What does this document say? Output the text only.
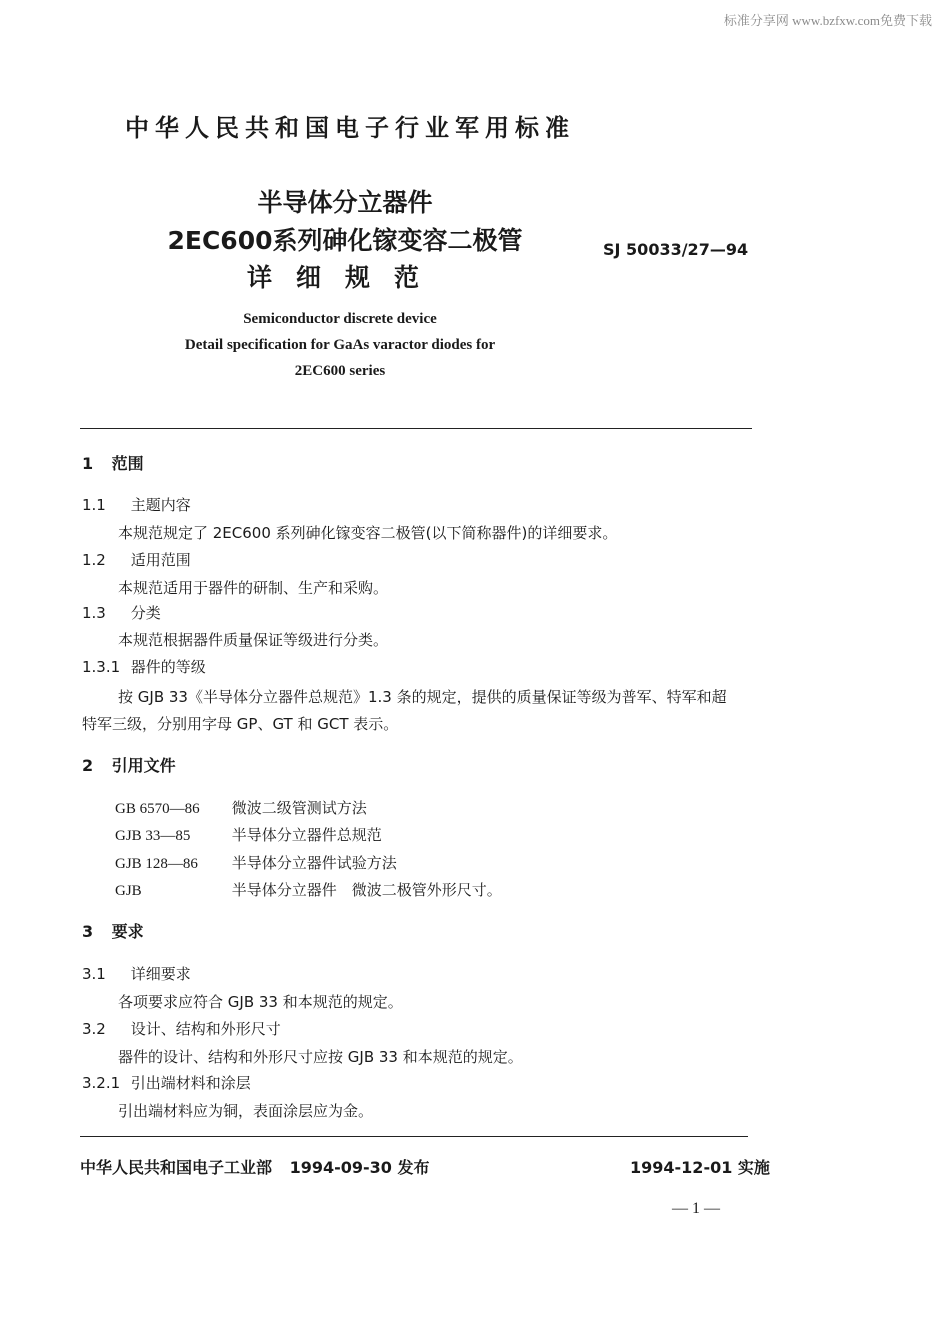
标准分享网 www.bzfxw.com免费下载
中华人民共和国电子行业军用标准
半导体分立器件
2EC600系列砷化镓变容二极管
详细规范
SJ 50033/27—94
Semiconductor discrete device
Detail specification for GaAs varactor diodes for
2EC600 series
1 范围
1.1 主题内容
本规范规定了 2EC600 系列砷化镓变容二极管(以下简称器件)的详细要求。
1.2 适用范围
本规范适用于器件的研制、生产和采购。
1.3 分类
本规范根据器件质量保证等级进行分类。
1.3.1 器件的等级
按 GJB 33《半导体分立器件总规范》1.3 条的规定，提供的质量保证等级为普军、特军和超
特军三级，分别用字母 GP、GT 和 GCT 表示。
2 引用文件
GB 6570—86 微波二级管测试方法
GJB 33—85	半导体分立器件总规范
GJB 128—86 半导体分立器件试验方法
GJB	半导体分立器件　微波二极管外形尺寸。
3 要求
3.1 详细要求
各项要求应符合 GJB 33 和本规范的规定。
3.2 设计、结构和外形尺寸
器件的设计、结构和外形尺寸应按 GJB 33 和本规范的规定。
3.2.1 引出端材料和涂层
引出端材料应为铜，表面涂层应为金。
中华人民共和国电子工业部 1994-09-30 发布	1994-12-01 实施
— 1 —
